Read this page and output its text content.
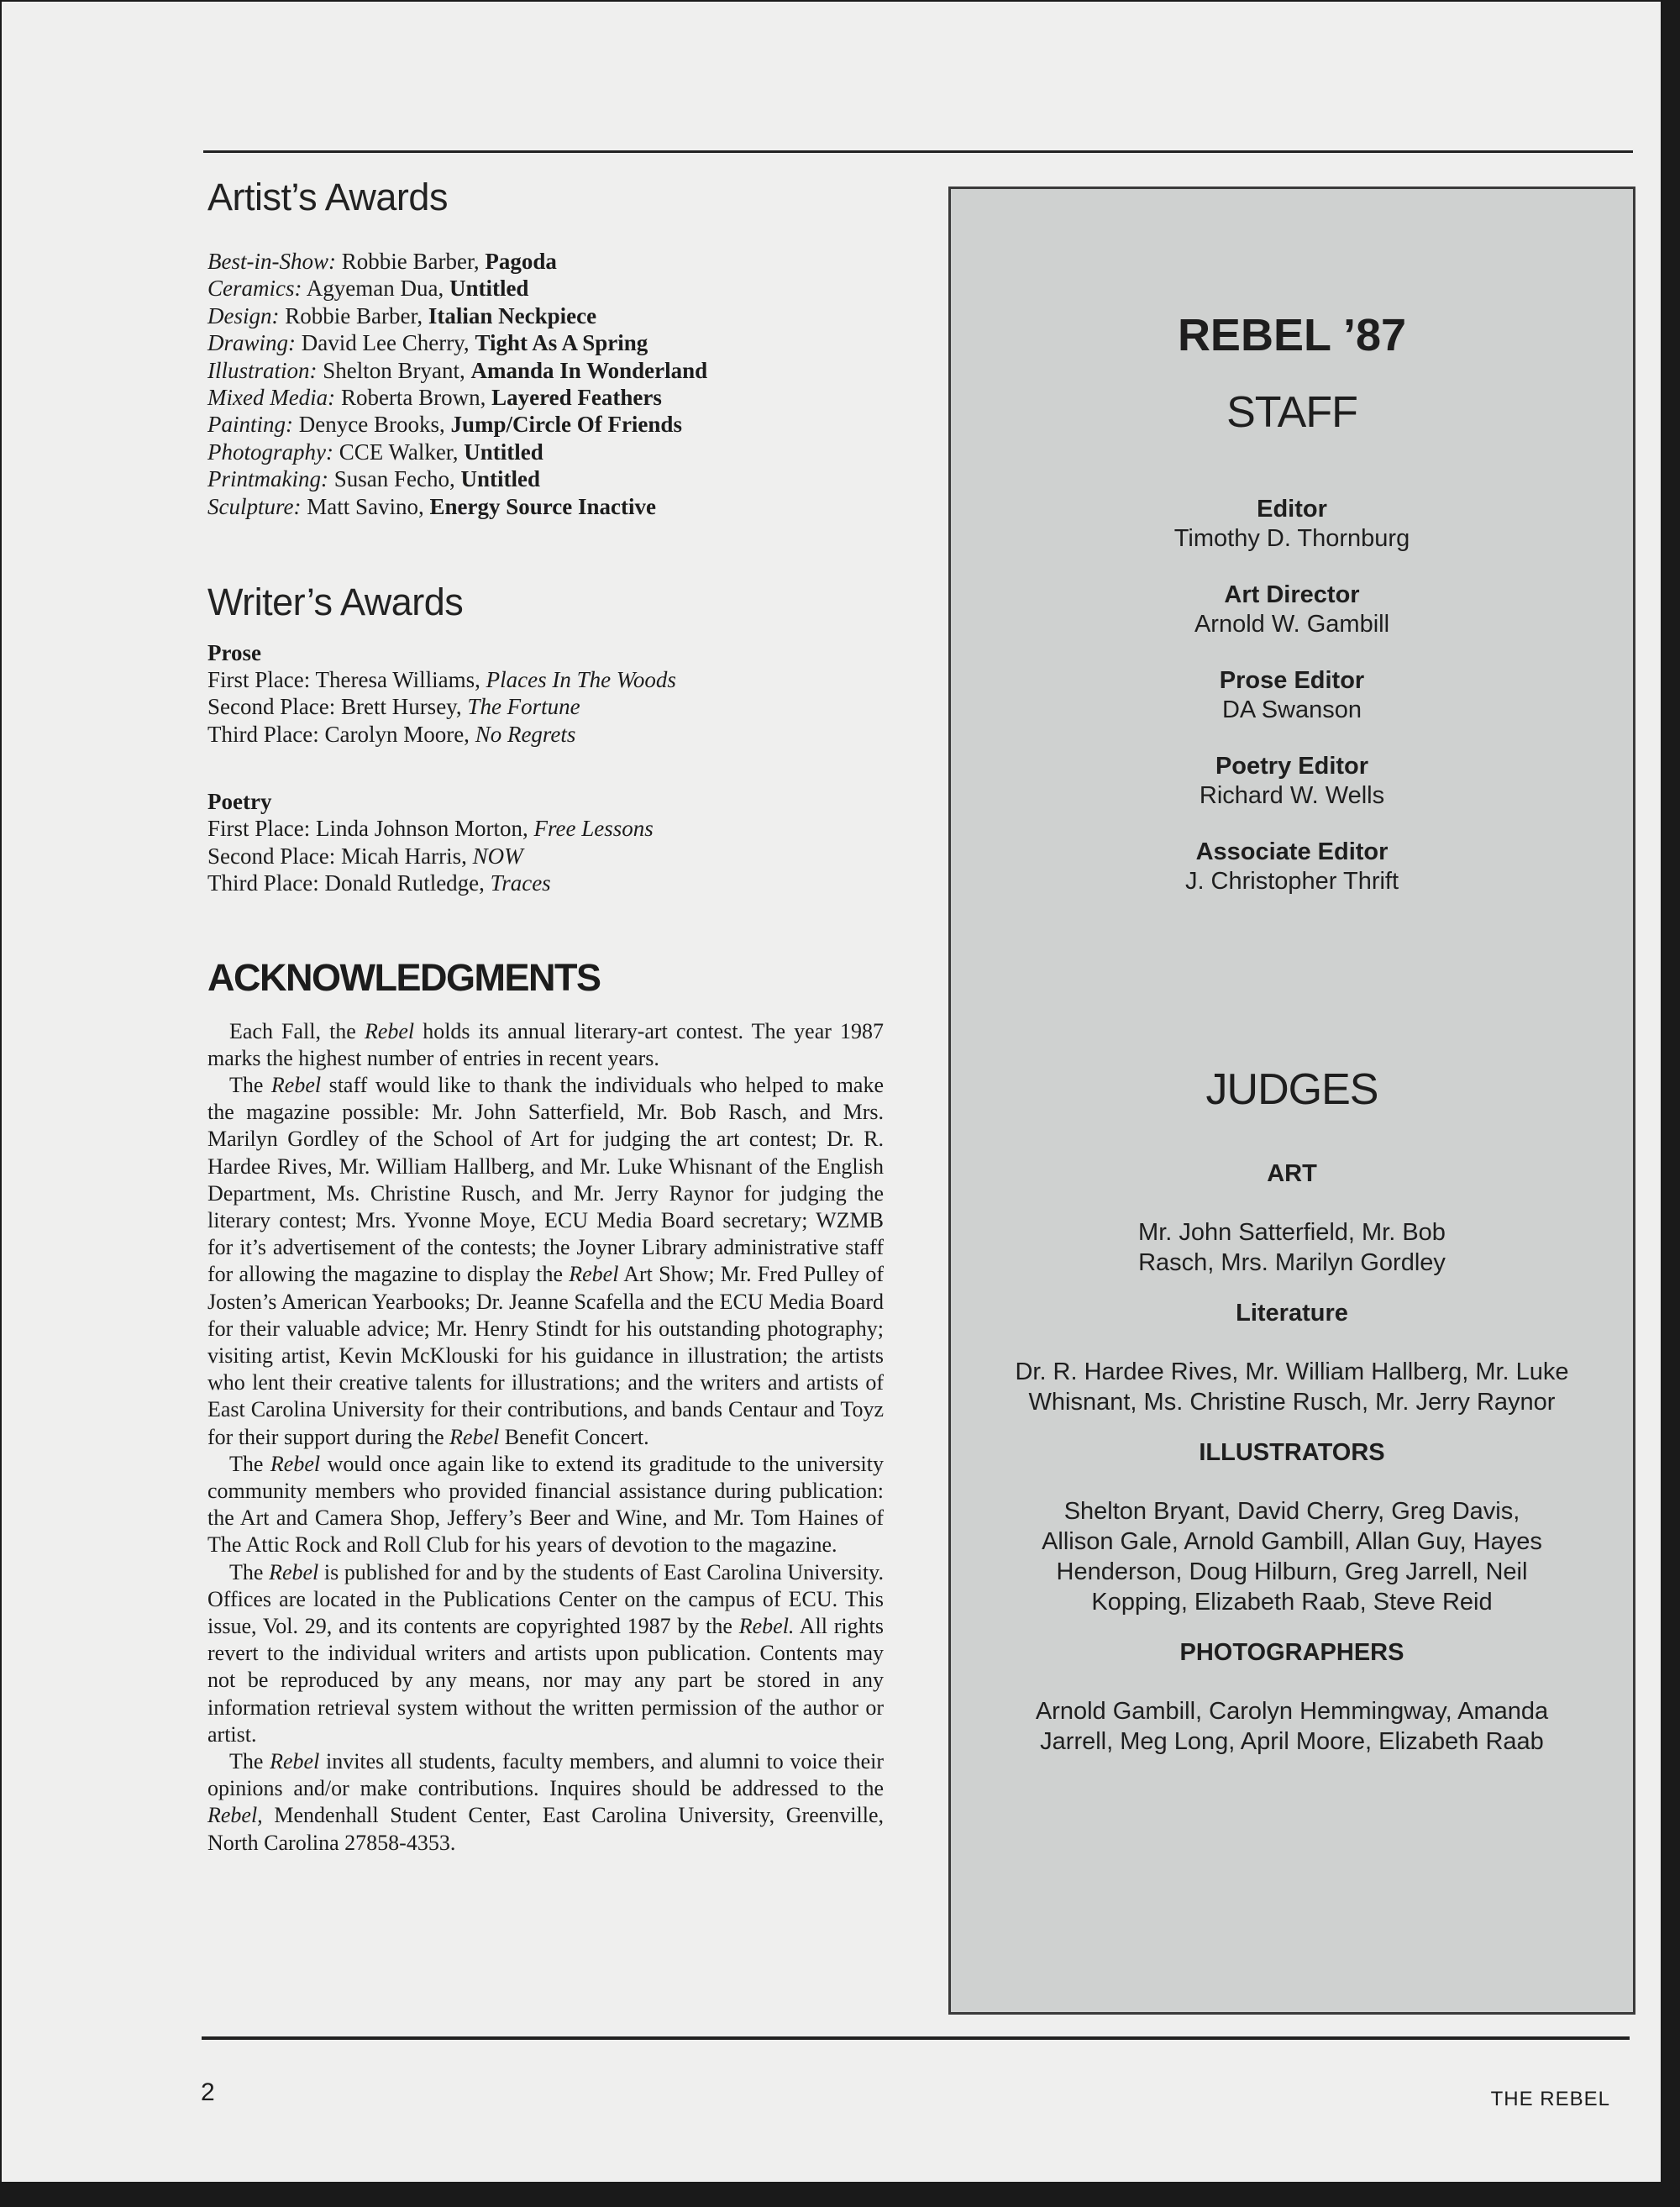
Artist’s Awards
Best-in-Show: Robbie Barber, Pagoda
Ceramics: Agyeman Dua, Untitled
Design: Robbie Barber, Italian Neckpiece
Drawing: David Lee Cherry, Tight As A Spring
Illustration: Shelton Bryant, Amanda In Wonderland
Mixed Media: Roberta Brown, Layered Feathers
Painting: Denyce Brooks, Jump/Circle Of Friends
Photography: CCE Walker, Untitled
Printmaking: Susan Fecho, Untitled
Sculpture: Matt Savino, Energy Source Inactive
Writer’s Awards
Prose
First Place: Theresa Williams, Places In The Woods
Second Place: Brett Hursey, The Fortune
Third Place: Carolyn Moore, No Regrets
Poetry
First Place: Linda Johnson Morton, Free Lessons
Second Place: Micah Harris, NOW
Third Place: Donald Rutledge, Traces
ACKNOWLEDGMENTS

Each Fall, the Rebel holds its annual literary-art contest. The year 1987 marks the highest number of entries in recent years.

The Rebel staff would like to thank the individuals who helped to make the magazine possible: Mr. John Satterfield, Mr. Bob Rasch, and Mrs. Marilyn Gordley of the School of Art for judging the art contest; Dr. R. Hardee Rives, Mr. William Hallberg, and Mr. Luke Whisnant of the English Department, Ms. Christine Rusch, and Mr. Jerry Raynor for judging the literary contest; Mrs. Yvonne Moye, ECU Media Board secretary; WZMB for it’s advertisement of the contests; the Joyner Library administrative staff for allowing the magazine to display the Rebel Art Show; Mr. Fred Pulley of Josten’s American Yearbooks; Dr. Jeanne Scafella and the ECU Media Board for their valuable advice; Mr. Henry Stindt for his outstanding photography; visiting artist, Kevin McKlouski for his guidance in illustration; the artists who lent their creative talents for illustrations; and the writers and artists of East Carolina University for their contributions, and bands Centaur and Toyz for their support during the Rebel Benefit Concert.

The Rebel would once again like to extend its graditude to the university community members who provided financial assistance during publication: the Art and Camera Shop, Jeffery’s Beer and Wine, and Mr. Tom Haines of The Attic Rock and Roll Club for his years of devotion to the magazine.

The Rebel is published for and by the students of East Carolina University. Offices are located in the Publications Center on the campus of ECU. This issue, Vol. 29, and its contents are copyrighted 1987 by the Rebel. All rights revert to the individual writers and artists upon publication. Contents may not be reproduced by any means, nor may any part be stored in any information retrieval system without the written permission of the author or artist.

The Rebel invites all students, faculty members, and alumni to voice their opinions and/or make contributions. Inquires should be addressed to the Rebel, Mendenhall Student Center, East Carolina University, Greenville, North Carolina 27858-4353.

REBEL ’87
STAFF
Editor
Timothy D. Thornburg
Art Director
Arnold W. Gambill
Prose Editor
DA Swanson
Poetry Editor
Richard W. Wells
Associate Editor
J. Christopher Thrift
JUDGES
ART
Mr. John Satterfield, Mr. Bob Rasch, Mrs. Marilyn Gordley
Literature
Dr. R. Hardee Rives, Mr. William Hallberg, Mr. Luke Whisnant, Ms. Christine Rusch, Mr. Jerry Raynor
ILLUSTRATORS
Shelton Bryant, David Cherry, Greg Davis, Allison Gale, Arnold Gambill, Allan Guy, Hayes Henderson, Doug Hilburn, Greg Jarrell, Neil Kopping, Elizabeth Raab, Steve Reid
PHOTOGRAPHERS
Arnold Gambill, Carolyn Hemmingway, Amanda Jarrell, Meg Long, April Moore, Elizabeth Raab
2	THE REBEL
